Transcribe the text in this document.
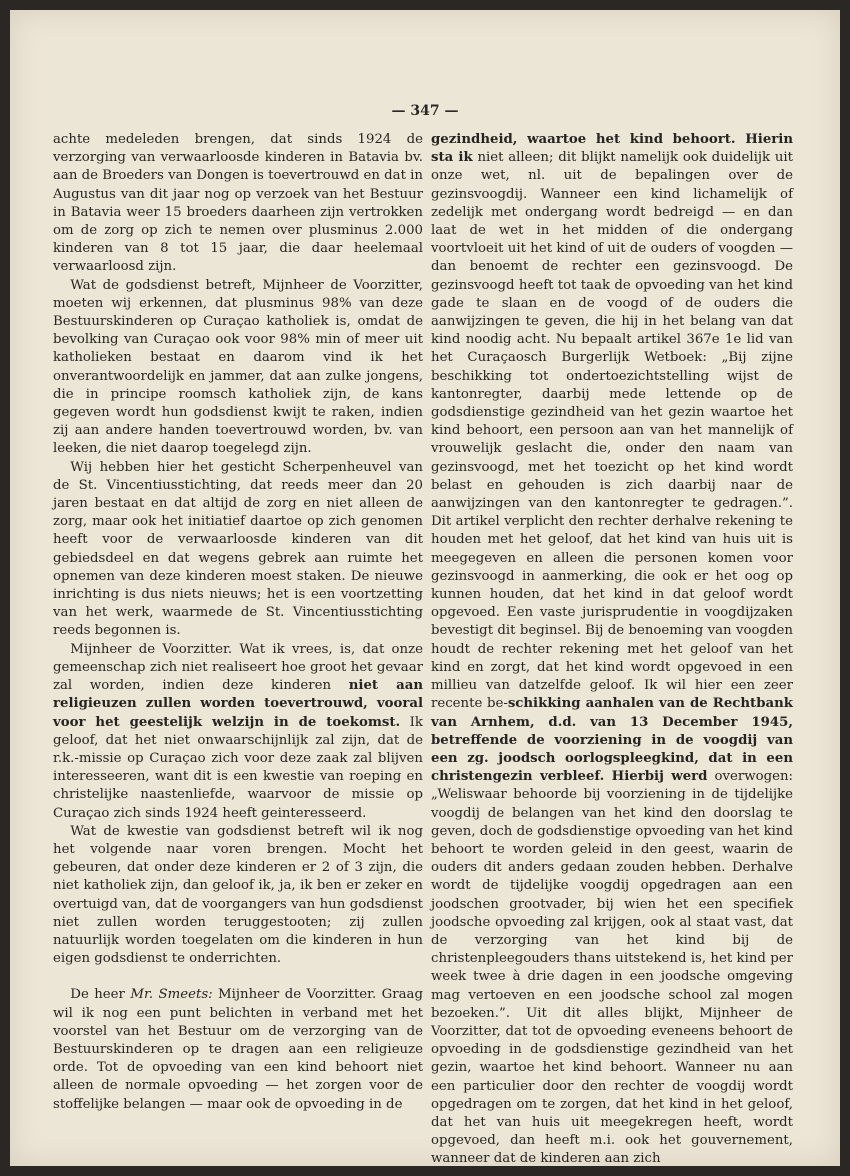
— 347 —

achte medeleden brengen, dat sinds 1924 de verzorging van verwaarloosde kinderen in Batavia bv. aan de Broeders van Dongen is toevertrouwd en dat in Augustus van dit jaar nog op verzoek van het Bestuur in Batavia weer 15 broeders daarheen zijn vertrokken om de zorg op zich te nemen over plusminus 2.000 kinderen van 8 tot 15 jaar, die daar heelemaal verwaarloosd zijn.

Wat de godsdienst betreft, Mijnheer de Voorzitter, moeten wij erkennen, dat plusminus 98% van deze Bestuurskinderen op Curaçao katholiek is, omdat de bevolking van Curaçao ook voor 98% min of meer uit katholieken bestaat en daarom vind ik het onverantwoordelijk en jammer, dat aan zulke jongens, die in principe roomsch katholiek zijn, de kans gegeven wordt hun godsdienst kwijt te raken, indien zij aan andere handen toevertrouwd worden, bv. van leeken, die niet daarop toegelegd zijn.

Wij hebben hier het gesticht Scherpenheuvel van de St. Vincentiusstichting, dat reeds meer dan 20 jaren bestaat en dat altijd de zorg en niet alleen de zorg, maar ook het initiatief daartoe op zich genomen heeft voor de verwaarloosde kinderen van dit gebiedsdeel en dat wegens gebrek aan ruimte het opnemen van deze kinderen moest staken. De nieuwe inrichting is dus niets nieuws; het is een voortzetting van het werk, waarmede de St. Vincentiusstichting reeds begonnen is.

Mijnheer de Voorzitter. Wat ik vrees, is, dat onze gemeenschap zich niet realiseert hoe groot het gevaar zal worden, indien deze kinderen niet aan religieuzen zullen worden toevertrouwd, vooral voor het geestelijk welzijn in de toekomst. Ik geloof, dat het niet onwaarschijnlijk zal zijn, dat de r.k.-missie op Curaçao zich voor deze zaak zal blijven interesseeren, want dit is een kwestie van roeping en christelijke naastenliefde, waarvoor de missie op Curaçao zich sinds 1924 heeft geinteresseerd.

Wat de kwestie van godsdienst betreft wil ik nog het volgende naar voren brengen. Mocht het gebeuren, dat onder deze kinderen er 2 of 3 zijn, die niet katholiek zijn, dan geloof ik, ja, ik ben er zeker en overtuigd van, dat de voorgangers van hun godsdienst niet zullen worden teruggestooten; zij zullen natuurlijk worden toegelaten om die kinderen in hun eigen godsdienst te onderrichten.

De heer Mr. Smeets: Mijnheer de Voorzitter. Graag wil ik nog een punt belichten in verband met het voorstel van het Bestuur om de verzorging van de Bestuurskinderen op te dragen aan een religieuze orde. Tot de opvoeding van een kind behoort niet alleen de normale opvoeding — het zorgen voor de stoffelijke belangen — maar ook de opvoeding in de

gezindheid, waartoe het kind behoort. Hierin sta ik niet alleen; dit blijkt namelijk ook duidelijk uit onze wet, nl. uit de bepalingen over de gezinsvoogdij. Wanneer een kind lichamelijk of zedelijk met ondergang wordt bedreigd — en dan laat de wet in het midden of die ondergang voortvloeit uit het kind of uit de ouders of voogden — dan benoemt de rechter een gezinsvoogd. De gezinsvoogd heeft tot taak de opvoeding van het kind gade te slaan en de voogd of de ouders die aanwijzingen te geven, die hij in het belang van dat kind noodig acht. Nu bepaalt artikel 367e 1e lid van het Curaçaosch Burgerlijk Wetboek: „Bij zijne beschikking tot ondertoezichtstelling wijst de kantonregter, daarbij mede lettende op de godsdienstige gezindheid van het gezin waartoe het kind behoort, een persoon aan van het mannelijk of vrouwelijk geslacht die, onder den naam van gezinsvoogd, met het toezicht op het kind wordt belast en gehouden is zich daarbij naar de aanwijzingen van den kantonregter te gedragen.”. Dit artikel verplicht den rechter derhalve rekening te houden met het geloof, dat het kind van huis uit is meegegeven en alleen die personen komen voor gezinsvoogd in aanmerking, die ook er het oog op kunnen houden, dat het kind in dat geloof wordt opgevoed. Een vaste jurisprudentie in voogdijzaken bevestigt dit beginsel. Bij de benoeming van voogden houdt de rechter rekening met het geloof van het kind en zorgt, dat het kind wordt opgevoed in een millieu van datzelfde geloof. Ik wil hier een zeer recente be-schikking aanhalen van de Rechtbank van Arnhem, d.d. van 13 December 1945, betreffende de voorziening in de voogdij van een zg. joodsch oorlogspleegkind, dat in een christengezin verbleef. Hierbij werd overwogen: „Weliswaar behoorde bij voorziening in de tijdelijke voogdij de belangen van het kind den doorslag te geven, doch de godsdienstige opvoeding van het kind behoort te worden geleid in den geest, waarin de ouders dit anders gedaan zouden hebben. Derhalve wordt de tijdelijke voogdij opgedragen aan een joodschen grootvader, bij wien het een specifiek joodsche opvoeding zal krijgen, ook al staat vast, dat de verzorging van het kind bij de christenpleegouders thans uitstekend is, het kind per week twee à drie dagen in een joodsche omgeving mag vertoeven en een joodsche school zal mogen bezoeken.”. Uit dit alles blijkt, Mijnheer de Voorzitter, dat tot de opvoeding eveneens behoort de opvoeding in de godsdienstige gezindheid van het gezin, waartoe het kind behoort. Wanneer nu aan een particulier door den rechter de voogdij wordt opgedragen om te zorgen, dat het kind in het geloof, dat het van huis uit meegekregen heeft, wordt opgevoed, dan heeft m.i. ook het gouvernement, wanneer dat de kinderen aan zich
